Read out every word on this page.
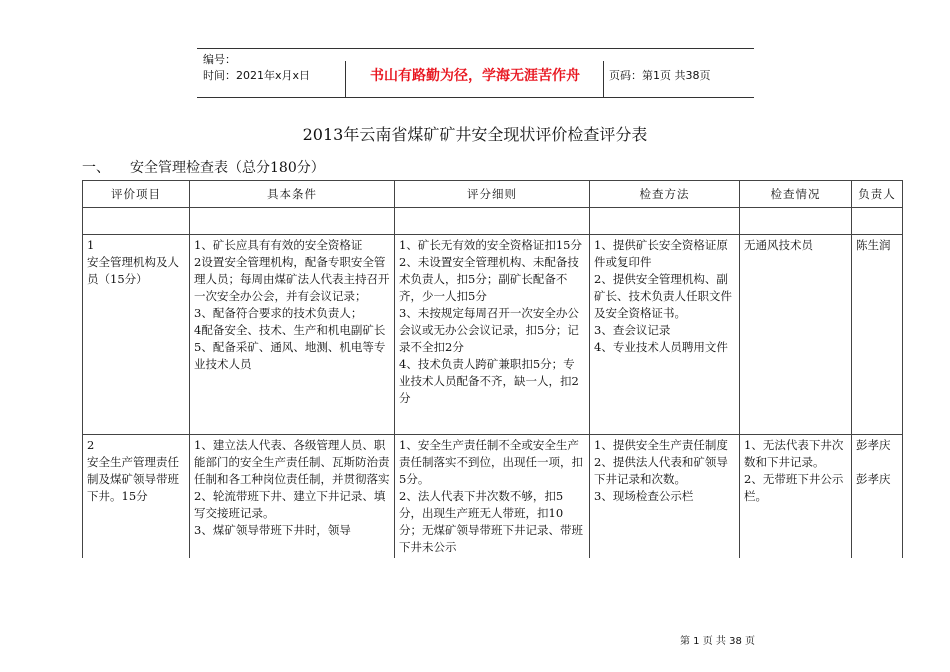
编号：
时间：2021年x月x日	书山有路勤为径，学海无涯苦作舟	页码：第1页 共38页
2013年云南省煤矿矿井安全现状评价检查评分表
一、 安全管理检查表（总分180分）
评价项目	具本条件	评分细则	检查方法	检查情况	负责人

1
安全管理机构及人员（15分）	1、矿长应具有有效的安全资格证
2设置安全管理机构，配备专职安全管理人员；每周由煤矿法人代表主持召开一次安全办公会，并有会议记录；
3、配备符合要求的技术负责人；
4配备安全、技术、生产和机电副矿长
5、配备采矿、通风、地测、机电等专业技术人员	1、矿长无有效的安全资格证扣15分
2、未设置安全管理机构、未配备技术负责人，扣5分；副矿长配备不齐，少一人扣5分
3、未按规定每周召开一次安全办公会议或无办公会议记录，扣5分；记录不全扣2分
4、技术负责人跨矿兼职扣5分；专业技术人员配备不齐，缺一人，扣2分	1、提供矿长安全资格证原件或复印件
2、提供安全管理机构、副矿长、技术负责人任职文件及安全资格证书。
3、查会议记录
4、专业技术人员聘用文件	无通风技术员	陈生润
2
安全生产管理责任制及煤矿领导带班下井。15分	1、建立法人代表、各级管理人员、职能部门的安全生产责任制、瓦斯防治责任制和各工种岗位责任制，并贯彻落实
2、轮流带班下井、建立下井记录、填写交接班记录。
3、煤矿领导带班下井时，领导	1、安全生产责任制不全或安全生产责任制落实不到位，出现任一项，扣5分。
2、法人代表下井次数不够，扣5分，出现生产班无人带班，扣10分；无煤矿领导带班下井记录、带班下井未公示	1、提供安全生产责任制度
2、提供法人代表和矿领导下井记录和次数。
3、现场检查公示栏	1、无法代表下井次数和下井记录。
2、无带班下井公示栏。	彭孝庆

彭孝庆
第 1 页 共 38 页
